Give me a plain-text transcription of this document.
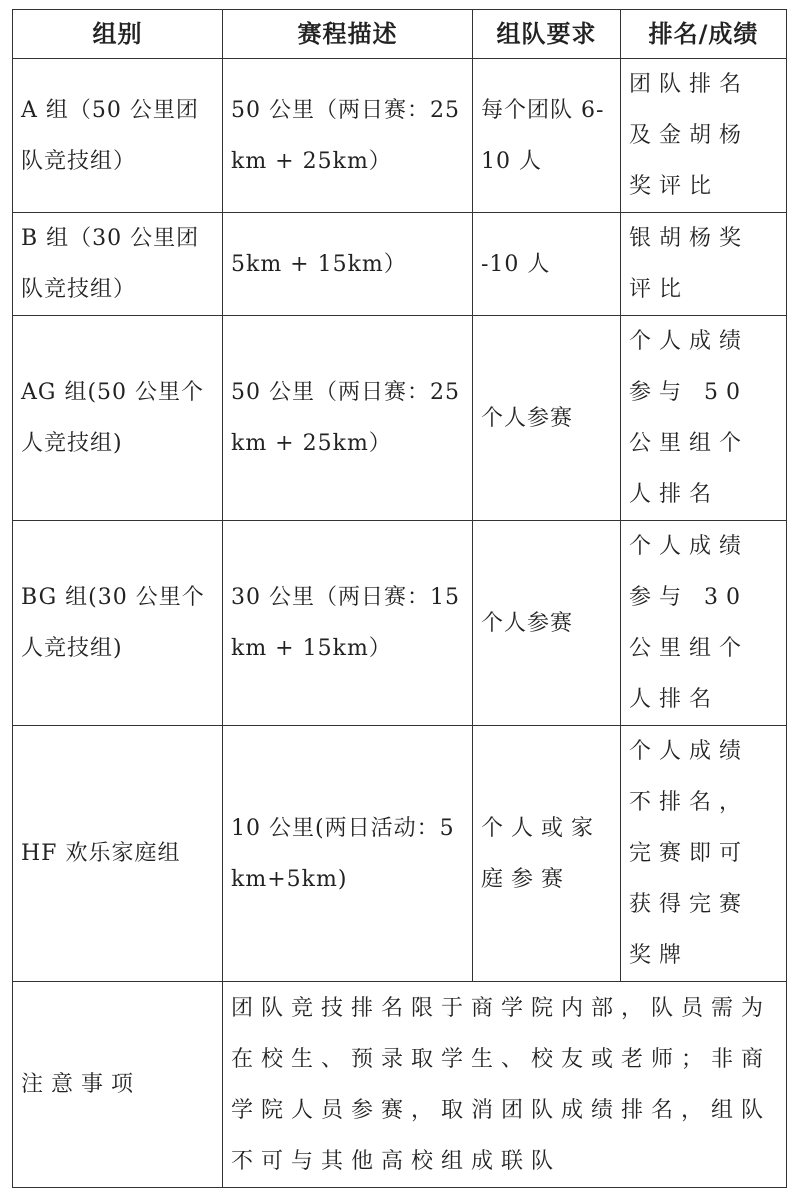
组别	赛程描述	组队要求	排名/成绩
A 组（50 公里团队竞技组）	50 公里（两日赛：25km + 25km）	每个团队 6-10 人	团队排名及金胡杨奖评比
B 组（30 公里团队竞技组）	5km + 15km）	-10 人	银胡杨奖评比
AG 组(50 公里个人竞技组)	50 公里（两日赛：25km + 25km）	个人参赛	个人成绩参与 50 公里组个人排名
BG 组(30 公里个人竞技组)	30 公里（两日赛：15km + 15km）	个人参赛	个人成绩参与 30 公里组个人排名
HF 欢乐家庭组	10 公里(两日活动：5km+5km)	个人或家庭参赛	个人成绩不排名，完赛即可获得完赛奖牌
注意事项	团队竞技排名限于商学院内部，队员需为在校生、预录取学生、校友或老师；非商学院人员参赛，取消团队成绩排名，组队不可与其他高校组成联队		
